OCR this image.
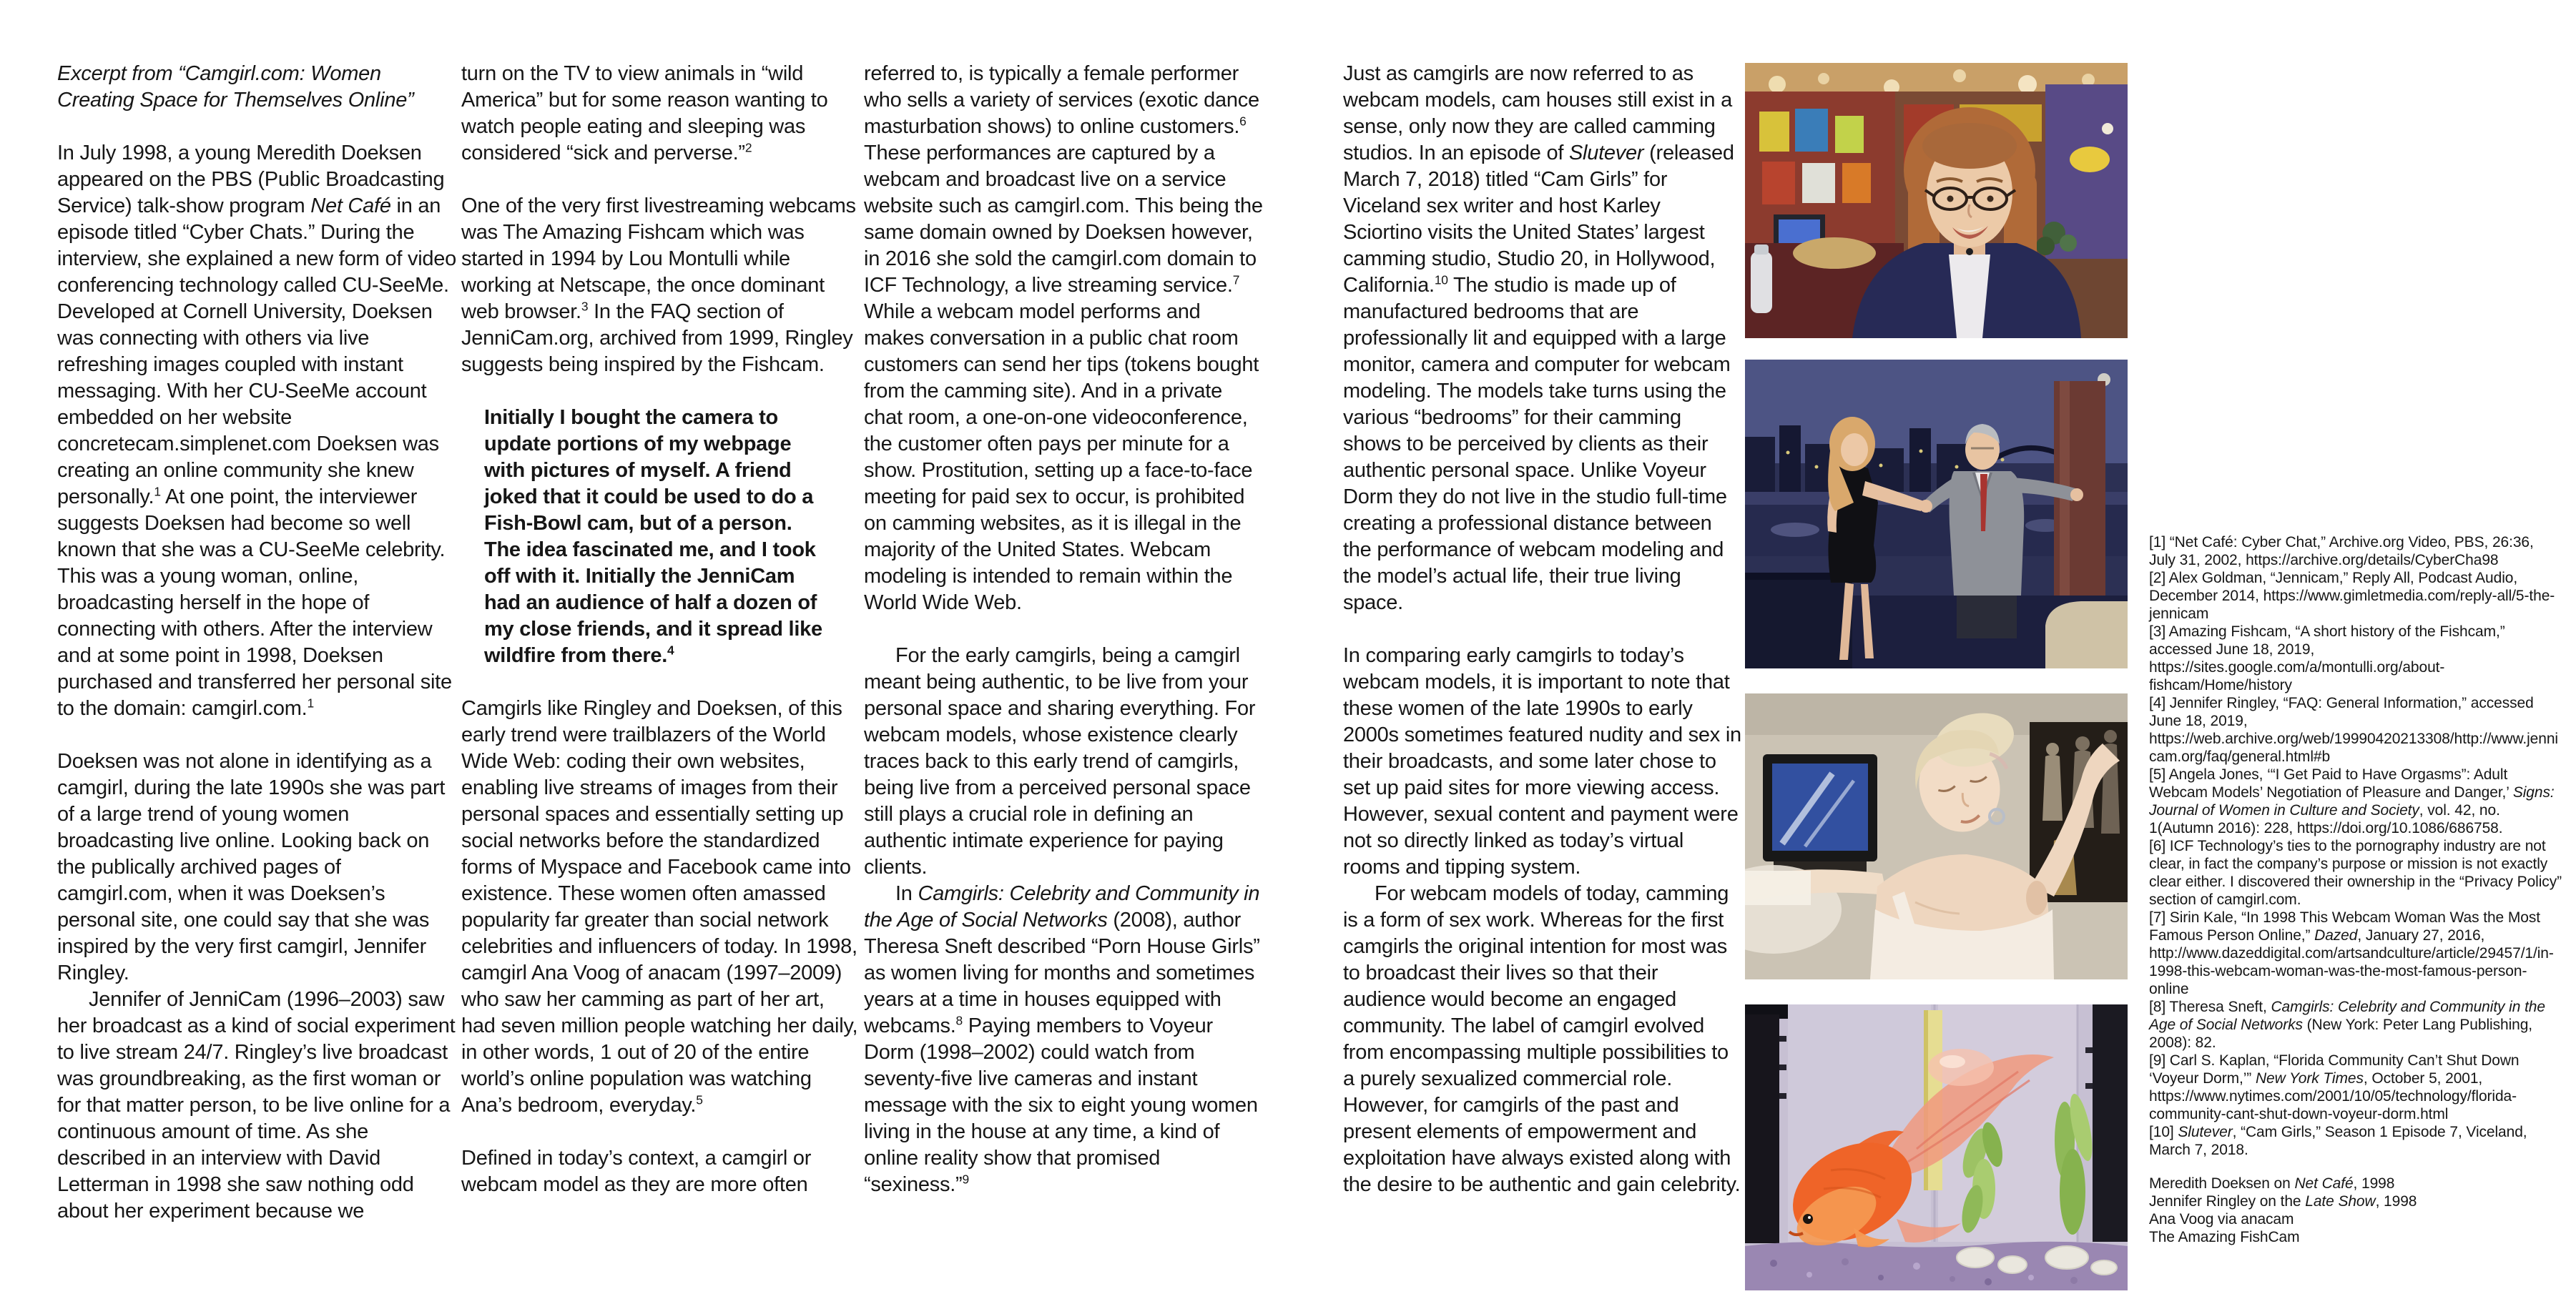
Excerpt from “Camgirl.com: Women Creating Space for Themselves Online”

In July 1998, a young Meredith Doeksen appeared on the PBS (Public Broadcasting Service) talk-show program Net Café in an episode titled “Cyber Chats.” During the interview, she explained a new form of video conferencing technology called CU-SeeMe. Developed at Cornell University, Doeksen was connecting with others via live refreshing images coupled with instant messaging. With her CU-SeeMe account embedded on her website concretecam.simplenet.com Doeksen was creating an online community she knew personally.$^1$ At one point, the interviewer suggests Doeksen had become so well known that she was a CU-SeeMe celebrity. This was a young woman, online, broadcasting herself in the hope of connecting with others. After the interview and at some point in 1998, Doeksen purchased and transferred her personal site to the domain: camgirl.com.$^1$

Doeksen was not alone in identifying as a camgirl, during the late 1990s she was part of a large trend of young women broadcasting live online. Looking back on the publically archived pages of camgirl.com, when it was Doeksen’s personal site, one could say that she was inspired by the very first camgirl, Jennifer Ringley.

Jennifer of JenniCam (1996–2003) saw her broadcast as a kind of social experiment to live stream 24/7. Ringley’s live broadcast was groundbreaking, as the first woman or for that matter person, to be live online for a continuous amount of time. As she described in an interview with David Letterman in 1998 she saw nothing odd about her experiment because we

turn on the TV to view animals in “wild America” but for some reason wanting to watch people eating and sleeping was considered “sick and perverse.”$^2$

One of the very first livestreaming webcams was The Amazing Fishcam which was started in 1994 by Lou Montulli while working at Netscape, the once dominant web browser.$^3$ In the FAQ section of JenniCam.org, archived from 1999, Ringley suggests being inspired by the Fishcam.

Initially I bought the camera to update portions of my webpage with pictures of myself. A friend joked that it could be used to do a Fish-Bowl cam, but of a person. The idea fascinated me, and I took off with it. Initially the JenniCam had an audience of half a dozen of my close friends, and it spread like wildfire from there.$^4$

Camgirls like Ringley and Doeksen, of this early trend were trailblazers of the World Wide Web: coding their own websites, enabling live streams of images from their personal spaces and essentially setting up social networks before the standardized forms of Myspace and Facebook came into existence. These women often amassed popularity far greater than social network celebrities and influencers of today. In 1998, camgirl Ana Voog of anacam (1997–2009) who saw her camming as part of her art, had seven million people watching her daily, in other words, 1 out of 20 of the entire world’s online population was watching Ana’s bedroom, everyday.$^5$

Defined in today’s context, a camgirl or webcam model as they are more often

referred to, is typically a female performer who sells a variety of services (exotic dance masturbation shows) to online customers.$^6$ These performances are captured by a webcam and broadcast live on a service website such as camgirl.com. This being the same domain owned by Doeksen however, in 2016 she sold the camgirl.com domain to ICF Technology, a live streaming service.$^7$ While a webcam model performs and makes conversation in a public chat room customers can send her tips (tokens bought from the camming site). And in a private chat room, a one-on-one videoconference, the customer often pays per minute for a show. Prostitution, setting up a face-to-face meeting for paid sex to occur, is prohibited on camming websites, as it is illegal in the majority of the United States. Webcam modeling is intended to remain within the World Wide Web.

For the early camgirls, being a camgirl meant being authentic, to be live from your personal space and sharing everything. For webcam models, whose existence clearly traces back to this early trend of camgirls, being live from a perceived personal space still plays a crucial role in defining an authentic intimate experience for paying clients.

In Camgirls: Celebrity and Community in the Age of Social Networks (2008), author Theresa Sneft described “Porn House Girls” as women living for months and sometimes years at a time in houses equipped with webcams.$^8$ Paying members to Voyeur Dorm (1998–2002) could watch from seventy-five live cameras and instant message with the six to eight young women living in the house at any time, a kind of online reality show that promised “sexiness.”$^9$

Just as camgirls are now referred to as webcam models, cam houses still exist in a sense, only now they are called camming studios. In an episode of Slutever (released March 7, 2018) titled “Cam Girls” for Viceland sex writer and host Karley Sciortino visits the United States’ largest camming studio, Studio 20, in Hollywood, California.$^{10}$ The studio is made up of manufactured bedrooms that are professionally lit and equipped with a large monitor, camera and computer for webcam modeling. The models take turns using the various “bedrooms” for their camming shows to be perceived by clients as their authentic personal space. Unlike Voyeur Dorm they do not live in the studio full-time creating a professional distance between the performance of webcam modeling and the model’s actual life, their true living space.

In comparing early camgirls to today’s webcam models, it is important to note that these women of the late 1990s to early 2000s sometimes featured nudity and sex in their broadcasts, and some later chose to set up paid sites for more viewing access. However, sexual content and payment were not so directly linked as today’s virtual rooms and tipping system.

For webcam models of today, camming is a form of sex work. Whereas for the first camgirls the original intention for most was to broadcast their lives so that their audience would become an engaged community. The label of camgirl evolved from encompassing multiple possibilities to a purely sexualized commercial role. However, for camgirls of the past and present elements of empowerment and exploitation have always existed along with the desire to be authentic and gain celebrity.

[1] “Net Café: Cyber Chat,” Archive.org Video, PBS, 26:36, July 31, 2002, https://archive.org/details/CyberCha98
[2] Alex Goldman, “Jennicam,” Reply All, Podcast Audio, December 2014, https://www.gimletmedia.com/reply-all/5-the-jennicam
[3] Amazing Fishcam, “A short history of the Fishcam,” accessed June 18, 2019, https://sites.google.com/a/montulli.org/about-fishcam/Home/history
[4] Jennifer Ringley, “FAQ: General Information,” accessed June 18, 2019, https://web.archive.org/web/19990420213308/http://www.jennicam.org/faq/general.html#b
[5] Angela Jones, ‘“I Get Paid to Have Orgasms”: Adult Webcam Models’ Negotiation of Pleasure and Danger,’ Signs: Journal of Women in Culture and Society, vol. 42, no. 1(Autumn 2016): 228, https://doi.org/10.1086/686758.
[6] ICF Technology’s ties to the pornography industry are not clear, in fact the company’s purpose or mission is not exactly clear either. I discovered their ownership in the “Privacy Policy” section of camgirl.com.
[7] Sirin Kale, “In 1998 This Webcam Woman Was the Most Famous Person Online,” Dazed, January 27, 2016, http://www.dazeddigital.com/artsandculture/article/29457/1/in-1998-this-webcam-woman-was-the-most-famous-person-online
[8] Theresa Sneft, Camgirls: Celebrity and Community in the Age of Social Networks (New York: Peter Lang Publishing, 2008): 82.
[9] Carl S. Kaplan, “Florida Community Can’t Shut Down ‘Voyeur Dorm,’” New York Times, October 5, 2001, https://www.nytimes.com/2001/10/05/technology/florida-community-cant-shut-down-voyeur-dorm.html
[10] Slutever, “Cam Girls,” Season 1 Episode 7, Viceland, March 7, 2018.
Meredith Doeksen on Net Café, 1998
Jennifer Ringley on the Late Show, 1998
Ana Voog via anacam
The Amazing FishCam
